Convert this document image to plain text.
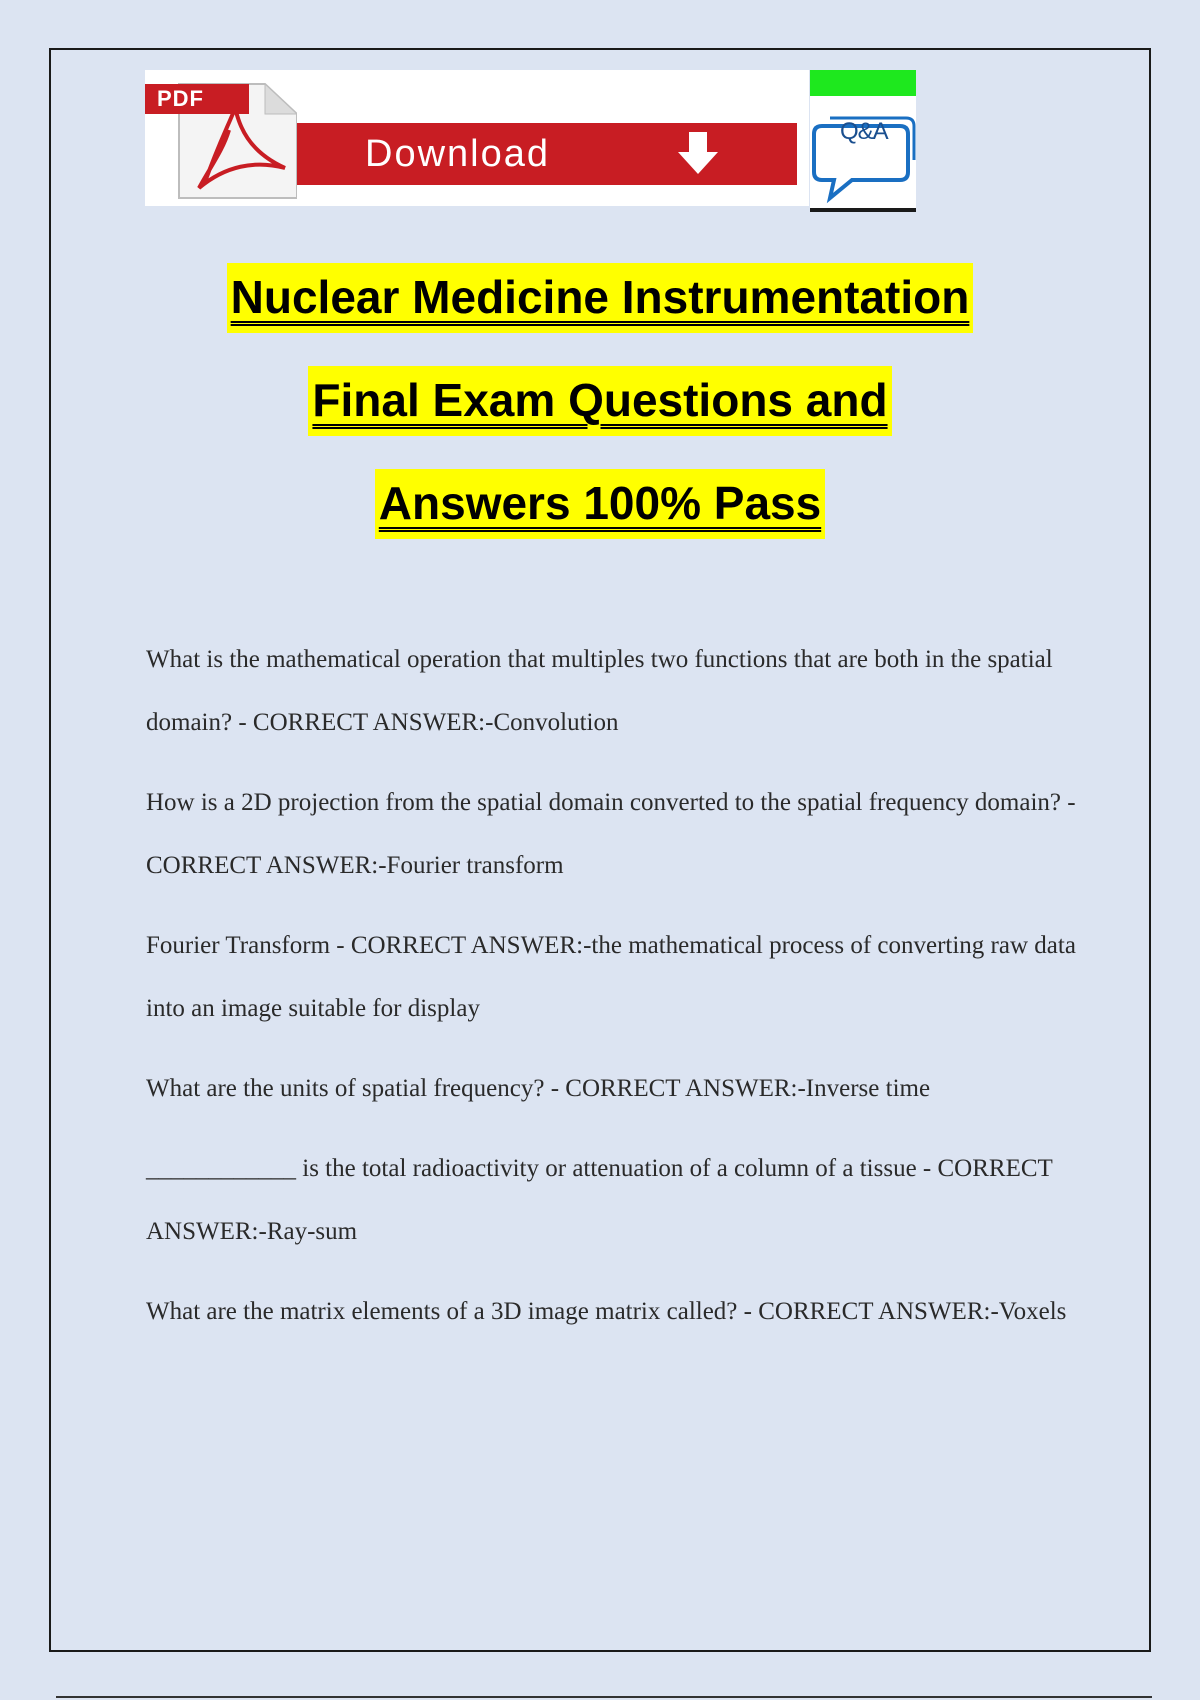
Download
PDF
Q&A
Nuclear Medicine Instrumentation
Final Exam Questions and
Answers 100% Pass

What is the mathematical operation that multiples two functions that are both in the spatial domain? - CORRECT ANSWER:-Convolution

How is a 2D projection from the spatial domain converted to the spatial frequency domain? - CORRECT ANSWER:-Fourier transform

Fourier Transform - CORRECT ANSWER:-the mathematical process of converting raw data into an image suitable for display

What are the units of spatial frequency? - CORRECT ANSWER:-Inverse time

____________ is the total radioactivity or attenuation of a column of a tissue - CORRECT ANSWER:-Ray-sum

What are the matrix elements of a 3D image matrix called? - CORRECT ANSWER:-Voxels
